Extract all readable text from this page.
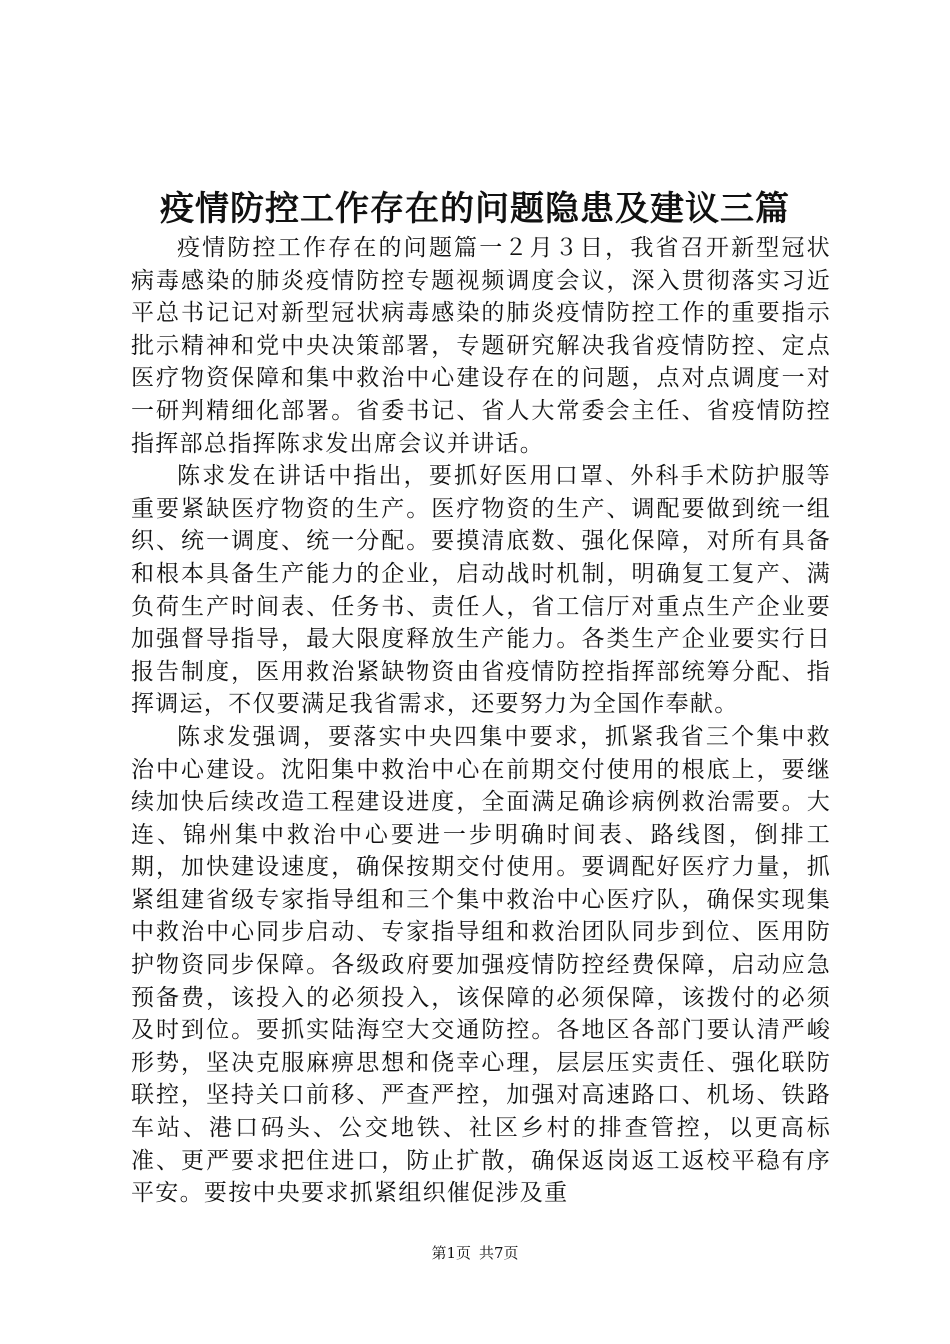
疫情防控工作存在的问题隐患及建议三篇

疫情防控工作存在的问题篇一２月３日，我省召开新型冠状病毒感染的肺炎疫情防控专题视频调度会议，深入贯彻落实习近平总书记记对新型冠状病毒感染的肺炎疫情防控工作的重要指示批示精神和党中央决策部署，专题研究解决我省疫情防控、定点医疗物资保障和集中救治中心建设存在的问题，点对点调度一对一研判精细化部署。省委书记、省人大常委会主任、省疫情防控指挥部总指挥陈求发出席会议并讲话。

陈求发在讲话中指出，要抓好医用口罩、外科手术防护服等重要紧缺医疗物资的生产。医疗物资的生产、调配要做到统一组织、统一调度、统一分配。要摸清底数、强化保障，对所有具备和根本具备生产能力的企业，启动战时机制，明确复工复产、满负荷生产时间表、任务书、责任人，省工信厅对重点生产企业要加强督导指导，最大限度释放生产能力。各类生产企业要实行日报告制度，医用救治紧缺物资由省疫情防控指挥部统筹分配、指挥调运，不仅要满足我省需求，还要努力为全国作奉献。

陈求发强调，要落实中央四集中要求，抓紧我省三个集中救治中心建设。沈阳集中救治中心在前期交付使用的根底上，要继续加快后续改造工程建设进度，全面满足确诊病例救治需要。大连、锦州集中救治中心要进一步明确时间表、路线图，倒排工期，加快建设速度，确保按期交付使用。要调配好医疗力量，抓紧组建省级专家指导组和三个集中救治中心医疗队，确保实现集中救治中心同步启动、专家指导组和救治团队同步到位、医用防护物资同步保障。各级政府要加强疫情防控经费保障，启动应急预备费，该投入的必须投入，该保障的必须保障，该拨付的必须及时到位。要抓实陆海空大交通防控。各地区各部门要认清严峻形势，坚决克服麻痹思想和侥幸心理，层层压实责任、强化联防联控，坚持关口前移、严查严控，加强对高速路口、机场、铁路车站、港口码头、公交地铁、社区乡村的排查管控，以更高标准、更严要求把住进口，防止扩散，确保返岗返工返校平稳有序平安。要按中央要求抓紧组织催促涉及重

第1页 共7页
